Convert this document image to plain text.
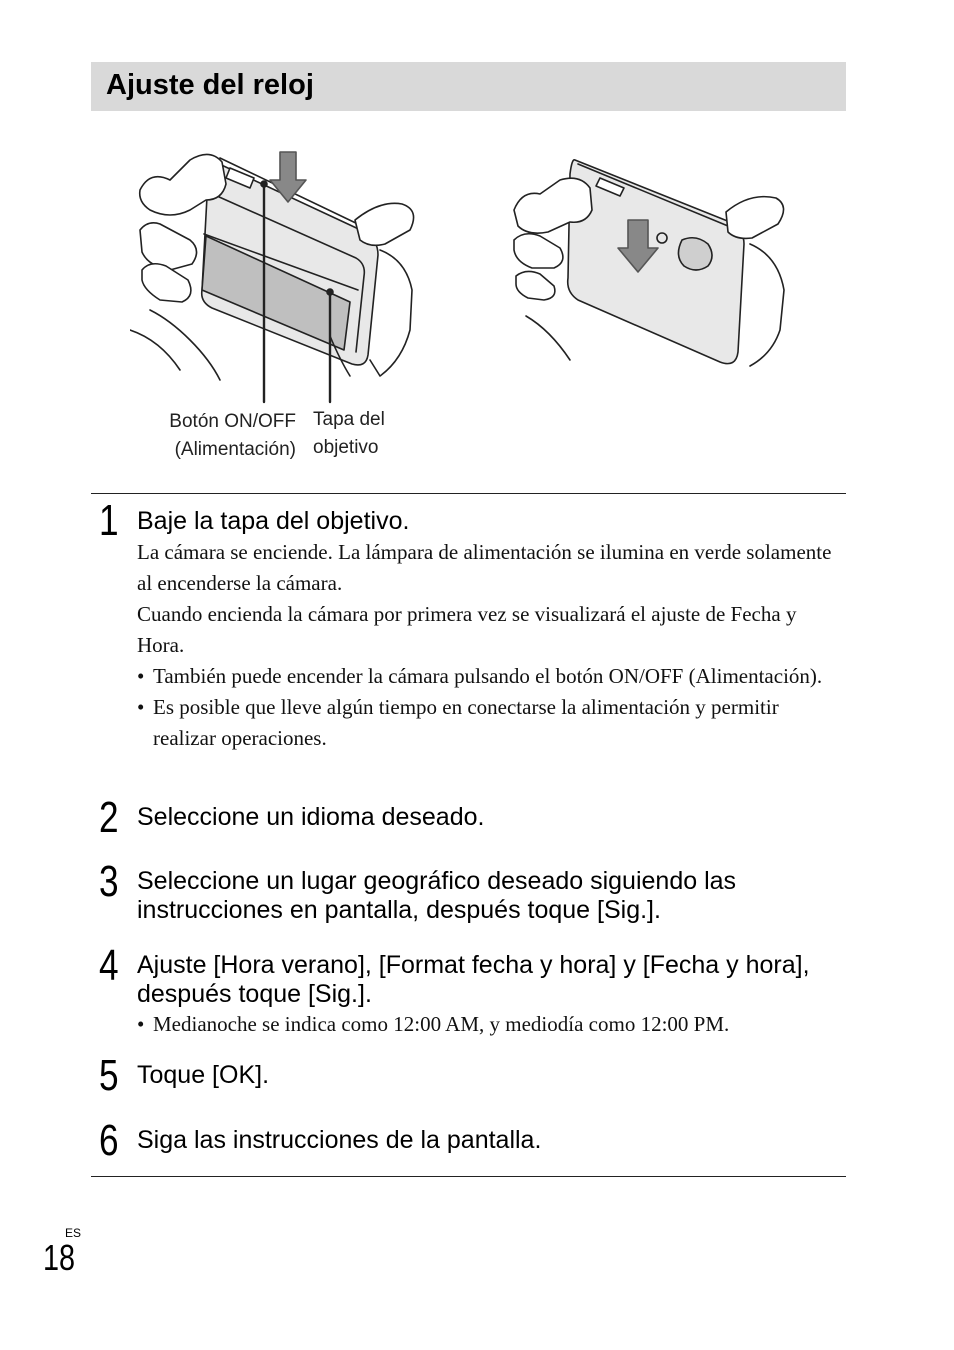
Ajuste del reloj
Botón ON/OFF
(Alimentación)
Tapa del
objetivo
1 Baje la tapa del objetivo.
La cámara se enciende. La lámpara de alimentación se ilumina en verde solamente al encenderse la cámara.
Cuando encienda la cámara por primera vez se visualizará el ajuste de Fecha y Hora.
• También puede encender la cámara pulsando el botón ON/OFF (Alimentación).
• Es posible que lleve algún tiempo en conectarse la alimentación y permitir realizar operaciones.
2 Seleccione un idioma deseado.
3 Seleccione un lugar geográfico deseado siguiendo las instrucciones en pantalla, después toque [Sig.].
4 Ajuste [Hora verano], [Format fecha y hora] y [Fecha y hora], después toque [Sig.].
• Medianoche se indica como 12:00 AM, y mediodía como 12:00 PM.
5 Toque [OK].
6 Siga las instrucciones de la pantalla.
ES
18
